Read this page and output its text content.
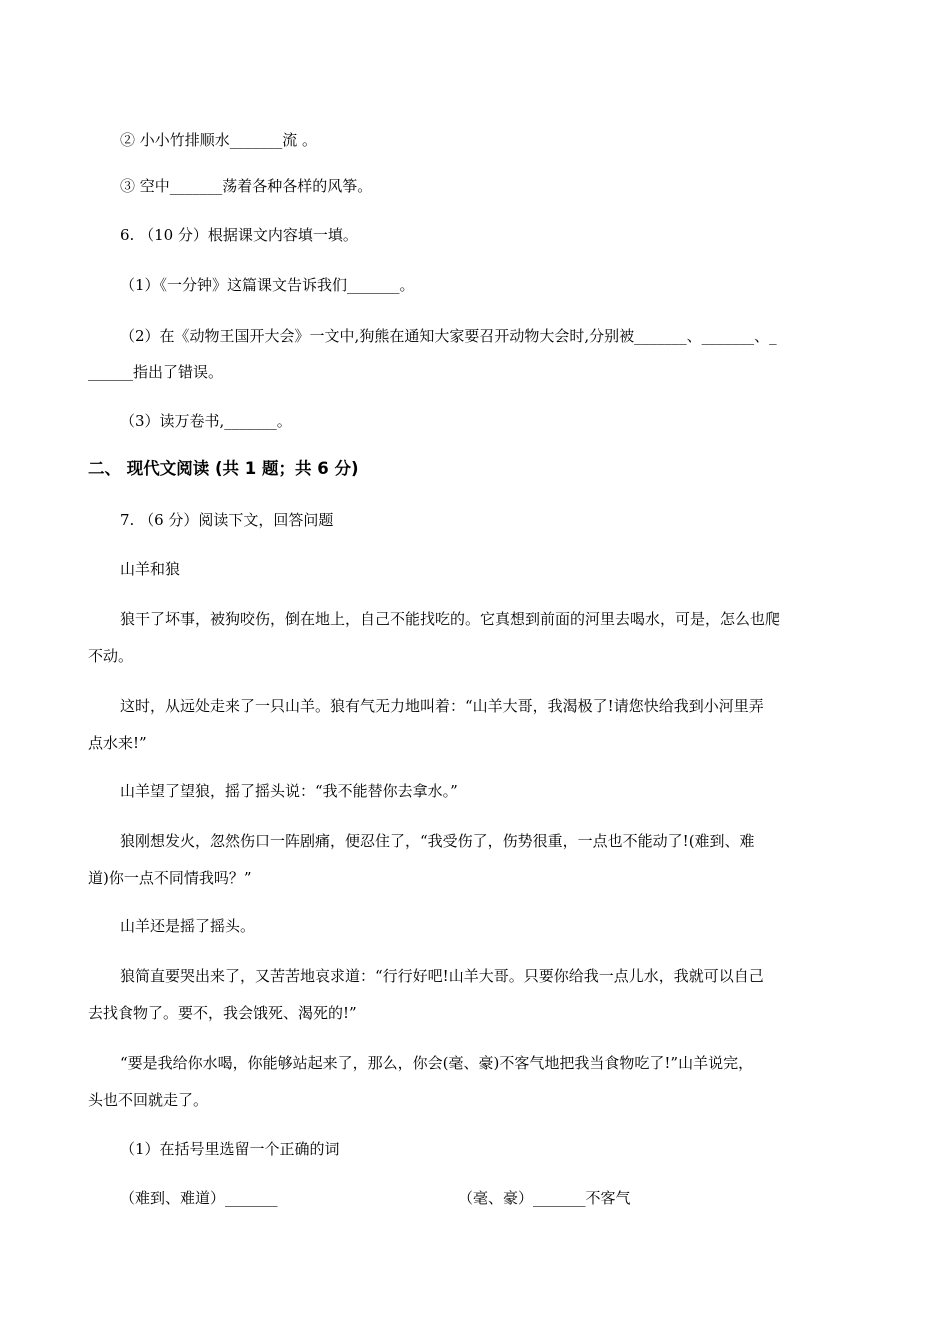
② 小小竹排顺水_______流 。
③ 空中_______荡着各种各样的风筝。
6. （10 分）根据课文内容填一填。
（1）《一分钟》这篇课文告诉我们_______。
（2）在《动物王国开大会》一文中,狗熊在通知大家要召开动物大会时,分别被_______、_______、_
______指出了错误。
（3）读万卷书,_______。
二、 现代文阅读 (共 1 题；共 6 分)
7. （6 分）阅读下文，回答问题
山羊和狼
狼干了坏事，被狗咬伤，倒在地上，自己不能找吃的。它真想到前面的河里去喝水，可是，怎么也爬
不动。
这时，从远处走来了一只山羊。狼有气无力地叫着：“山羊大哥，我渴极了!请您快给我到小河里弄
点水来!”
山羊望了望狼，摇了摇头说：“我不能替你去拿水。”
狼刚想发火，忽然伤口一阵剧痛，便忍住了，“我受伤了，伤势很重，一点也不能动了!(难到、难
道)你一点不同情我吗？”
山羊还是摇了摇头。
狼简直要哭出来了，又苦苦地哀求道：“行行好吧!山羊大哥。只要你给我一点儿水，我就可以自己
去找食物了。要不，我会饿死、渴死的!”
“要是我给你水喝，你能够站起来了，那么，你会(毫、豪)不客气地把我当食物吃了!”山羊说完，
头也不回就走了。
（1）在括号里选留一个正确的词
（难到、难道）_______	（毫、豪）_______不客气
